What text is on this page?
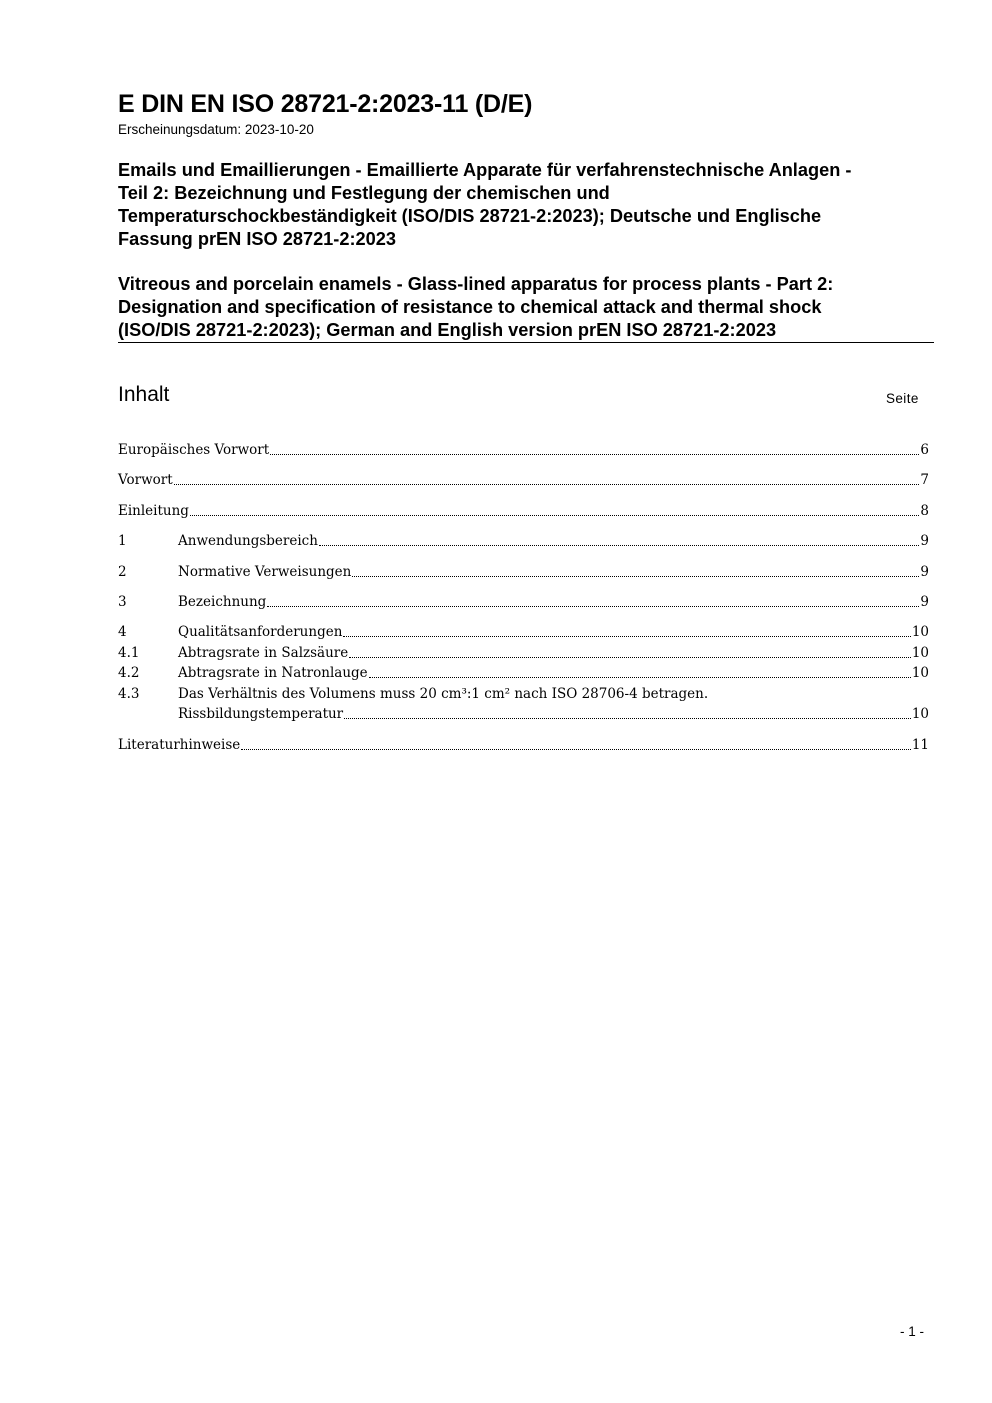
E DIN EN ISO 28721-2:2023-11 (D/E)
Erscheinungsdatum: 2023-10-20
Emails und Emaillierungen - Emaillierte Apparate für verfahrenstechnische Anlagen -
Teil 2: Bezeichnung und Festlegung der chemischen und
Temperaturschockbeständigkeit (ISO/DIS 28721-2:2023); Deutsche und Englische
Fassung prEN ISO 28721-2:2023
Vitreous and porcelain enamels - Glass-lined apparatus for process plants - Part 2:
Designation and specification of resistance to chemical attack and thermal shock
(ISO/DIS 28721-2:2023); German and English version prEN ISO 28721-2:2023
Inhalt	Seite
Europäisches Vorwort	6
Vorwort	7
Einleitung	8
1	Anwendungsbereich	9
2	Normative Verweisungen	9
3	Bezeichnung	9
4	Qualitätsanforderungen	10
4.1	Abtragsrate in Salzsäure	10
4.2	Abtragsrate in Natronlauge	10
4.3	Das Verhältnis des Volumens muss 20 cm³:1 cm² nach ISO 28706-4 betragen.
Rissbildungstemperatur	10
Literaturhinweise	11
- 1 -
